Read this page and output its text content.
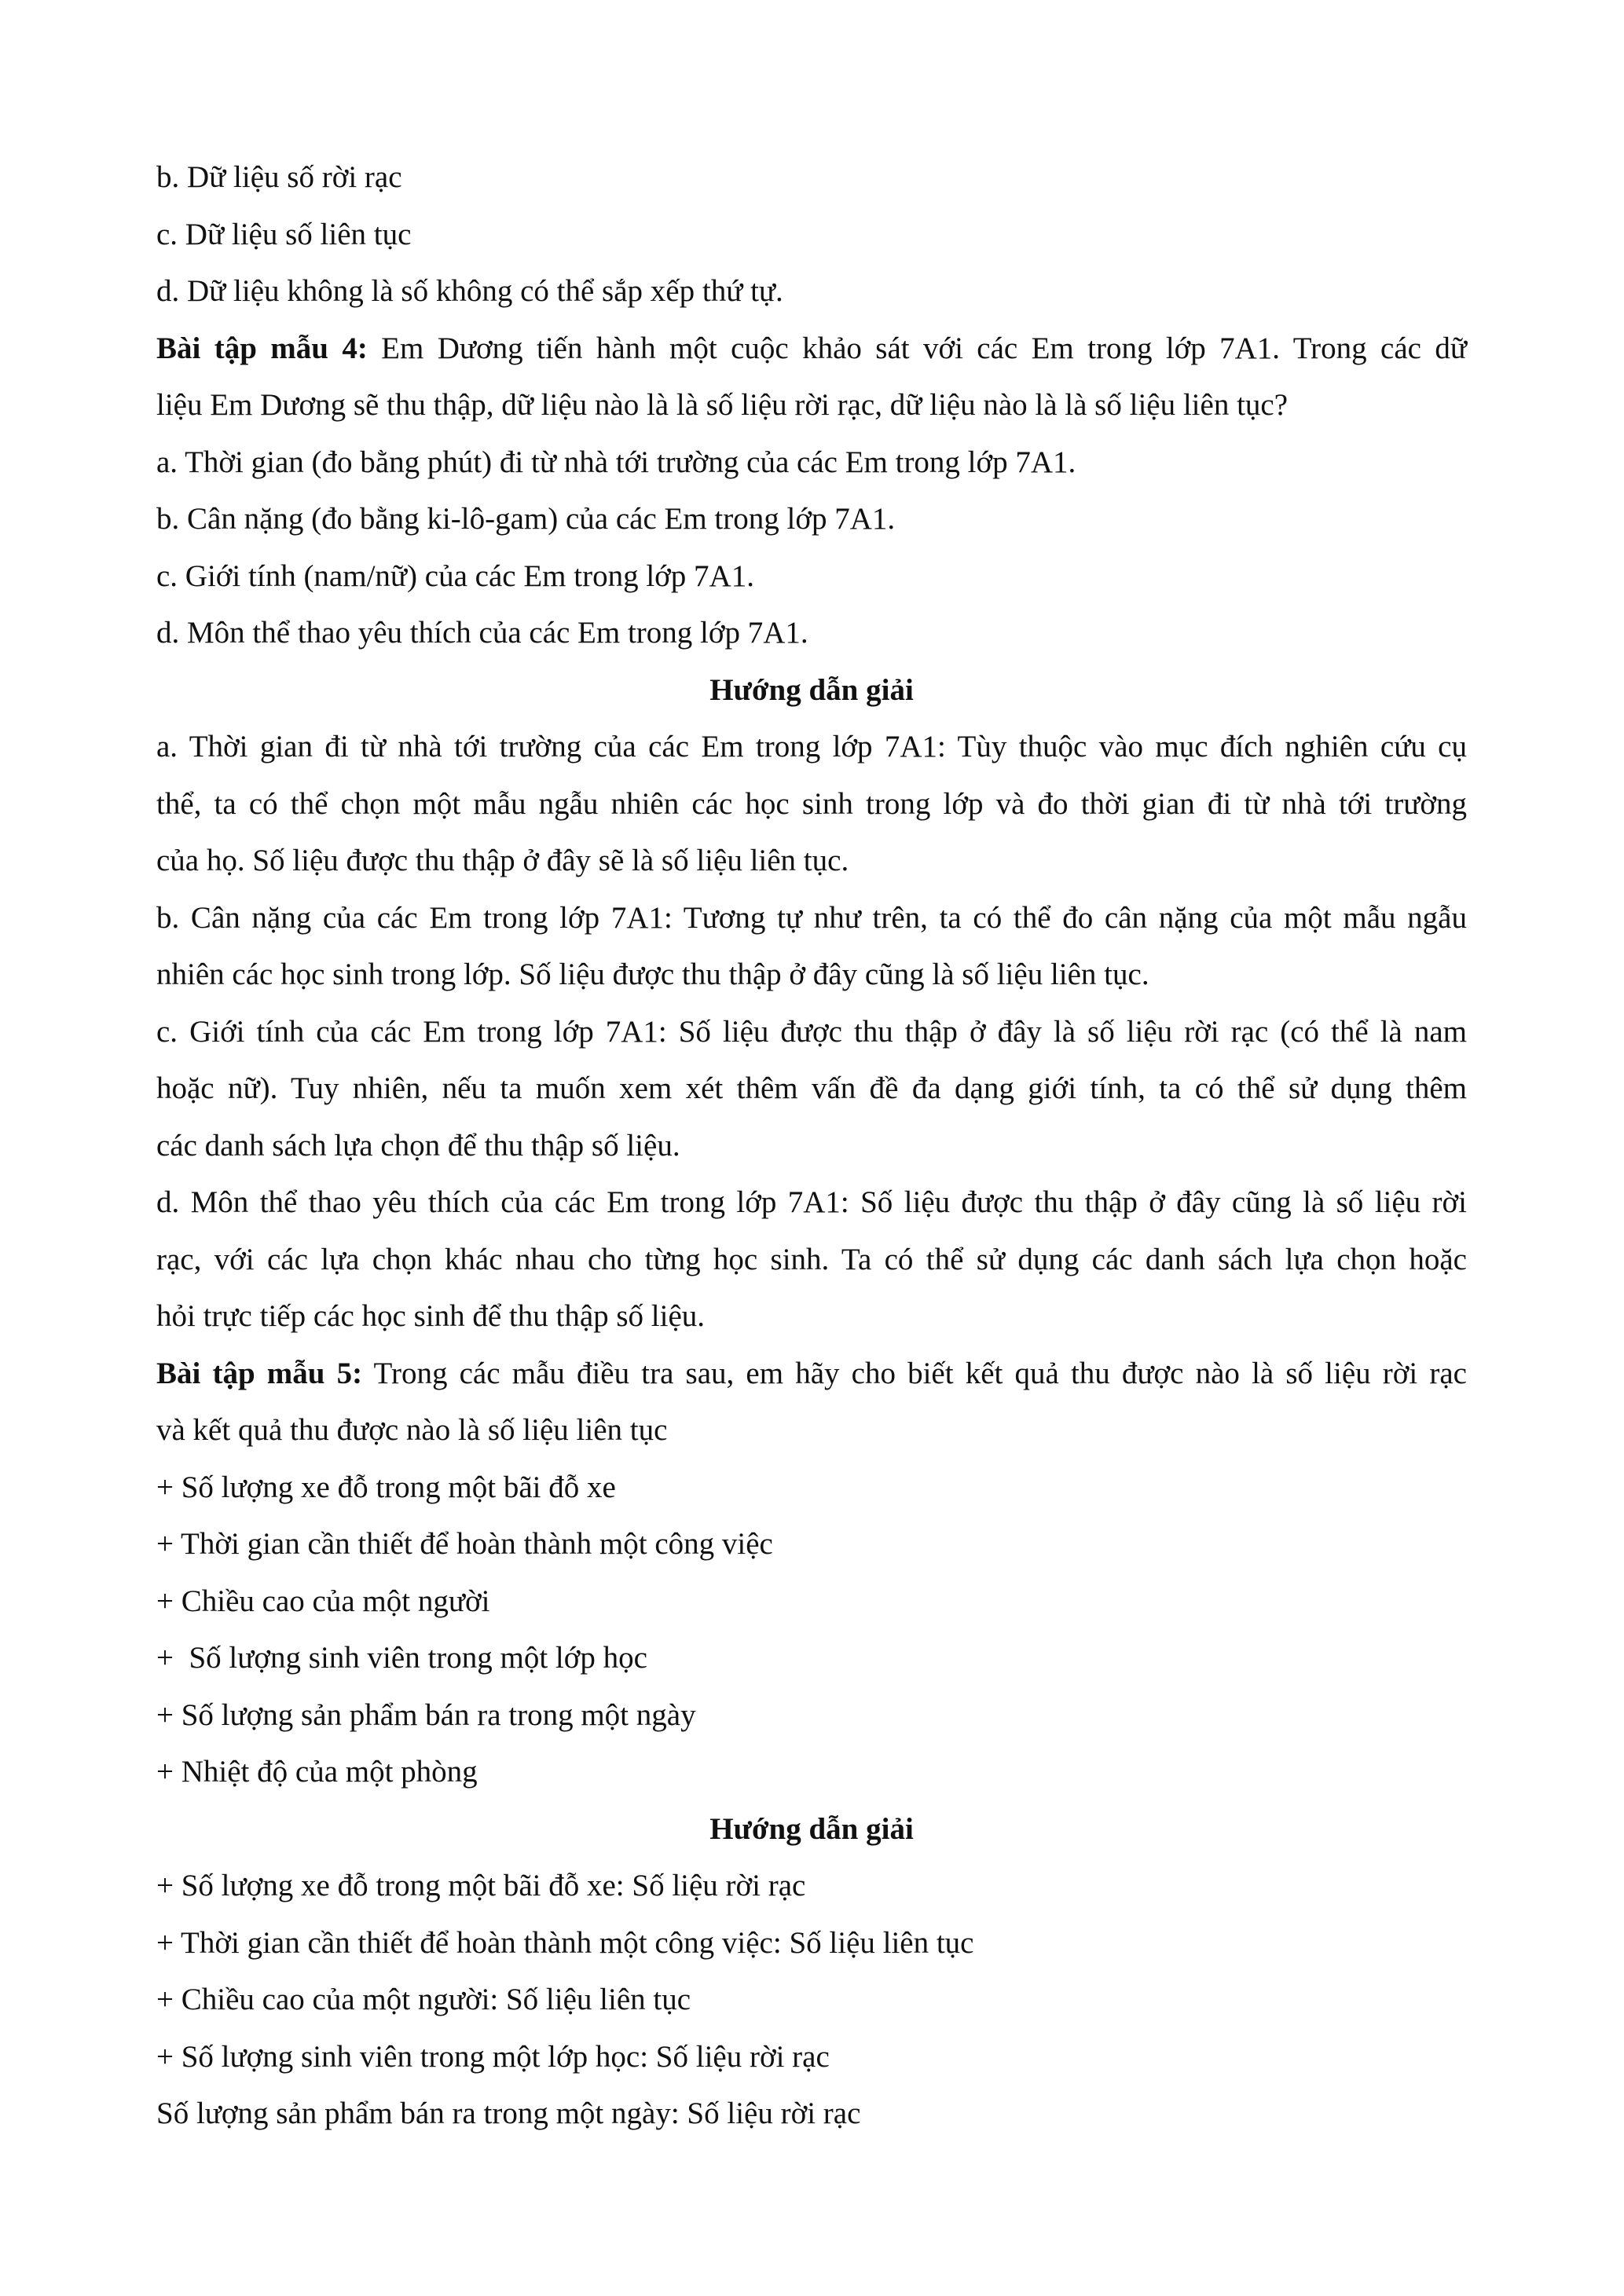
b. Dữ liệu số rời rạc

c. Dữ liệu số liên tục

d. Dữ liệu không là số không có thể sắp xếp thứ tự.

Bài tập mẫu 4: Em Dương tiến hành một cuộc khảo sát với các Em trong lớp 7A1. Trong các dữ

liệu Em Dương sẽ thu thập, dữ liệu nào là là số liệu rời rạc, dữ liệu nào là là số liệu liên tục?

a. Thời gian (đo bằng phút) đi từ nhà tới trường của các Em trong lớp 7A1.

b. Cân nặng (đo bằng ki-lô-gam) của các Em trong lớp 7A1.

c. Giới tính (nam/nữ) của các Em trong lớp 7A1.

d. Môn thể thao yêu thích của các Em trong lớp 7A1.

Hướng dẫn giải

a. Thời gian đi từ nhà tới trường của các Em trong lớp 7A1: Tùy thuộc vào mục đích nghiên cứu cụ

thể, ta có thể chọn một mẫu ngẫu nhiên các học sinh trong lớp và đo thời gian đi từ nhà tới trường

của họ. Số liệu được thu thập ở đây sẽ là số liệu liên tục.

b. Cân nặng của các Em trong lớp 7A1: Tương tự như trên, ta có thể đo cân nặng của một mẫu ngẫu

nhiên các học sinh trong lớp. Số liệu được thu thập ở đây cũng là số liệu liên tục.

c. Giới tính của các Em trong lớp 7A1: Số liệu được thu thập ở đây là số liệu rời rạc (có thể là nam

hoặc nữ). Tuy nhiên, nếu ta muốn xem xét thêm vấn đề đa dạng giới tính, ta có thể sử dụng thêm

các danh sách lựa chọn để thu thập số liệu.

d. Môn thể thao yêu thích của các Em trong lớp 7A1: Số liệu được thu thập ở đây cũng là số liệu rời

rạc, với các lựa chọn khác nhau cho từng học sinh. Ta có thể sử dụng các danh sách lựa chọn hoặc

hỏi trực tiếp các học sinh để thu thập số liệu.

Bài tập mẫu 5: Trong các mẫu điều tra sau, em hãy cho biết kết quả thu được nào là số liệu rời rạc

và kết quả thu được nào là số liệu liên tục

+ Số lượng xe đỗ trong một bãi đỗ xe

+ Thời gian cần thiết để hoàn thành một công việc

+ Chiều cao của một người

+  Số lượng sinh viên trong một lớp học

+ Số lượng sản phẩm bán ra trong một ngày

+ Nhiệt độ của một phòng

Hướng dẫn giải

+ Số lượng xe đỗ trong một bãi đỗ xe: Số liệu rời rạc

+ Thời gian cần thiết để hoàn thành một công việc: Số liệu liên tục

+ Chiều cao của một người: Số liệu liên tục

+ Số lượng sinh viên trong một lớp học: Số liệu rời rạc

Số lượng sản phẩm bán ra trong một ngày: Số liệu rời rạc
